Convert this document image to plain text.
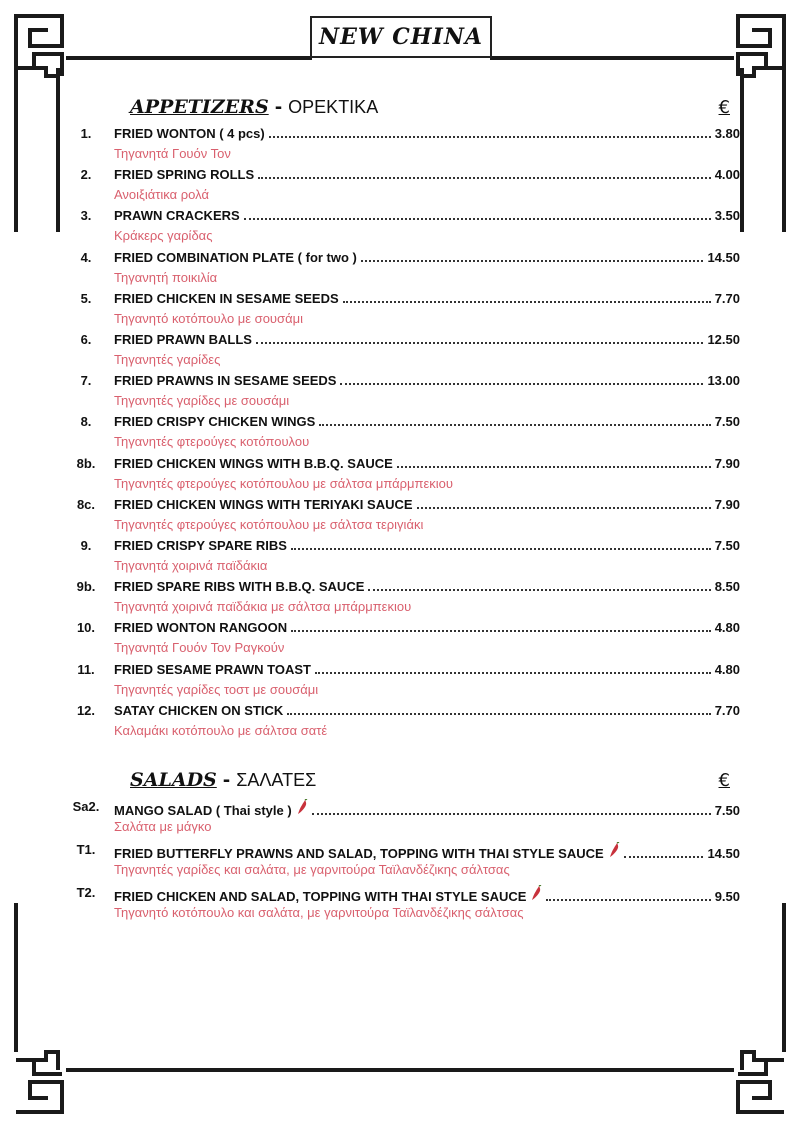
NEW CHINA
APPETIZERS - ΟΡΕΚΤΙΚΑ	€
1.	FRIED WONTON ( 4 pcs)	3.80
Τηγανητά Γουόν Τον
2.	FRIED SPRING ROLLS	4.00
Ανοιξιάτικα ρολά
3.	PRAWN CRACKERS	3.50
Κράκερς γαρίδας
4.	FRIED COMBINATION PLATE ( for two )	14.50
Τηγανητή ποικιλία
5.	FRIED CHICKEN IN SESAME SEEDS	7.70
Τηγανητό κοτόπουλο με σουσάμι
6.	FRIED PRAWN BALLS	12.50
Τηγανητές γαρίδες
7.	FRIED PRAWNS IN SESAME SEEDS	13.00
Τηγανητές γαρίδες με σουσάμι
8.	FRIED CRISPY CHICKEN WINGS	7.50
Τηγανητές φτερούγες κοτόπουλου
8b.	FRIED CHICKEN WINGS WITH B.B.Q. SAUCE	7.90
Τηγανητές φτερούγες κοτόπουλου με σάλτσα μπάρμπεκιου
8c.	FRIED CHICKEN WINGS WITH TERIYAKI SAUCE	7.90
Τηγανητές φτερούγες κοτόπουλου με σάλτσα τεριγιάκι
9.	FRIED CRISPY SPARE RIBS	7.50
Τηγανητά χοιρινά παϊδάκια
9b.	FRIED SPARE RIBS WITH B.B.Q. SAUCE	8.50
Τηγανητά χοιρινά παϊδάκια με σάλτσα μπάρμπεκιου
10.	FRIED WONTON RANGOON	4.80
Τηγανητά Γουόν Τον Ραγκούν
11.	FRIED SESAME PRAWN TOAST	4.80
Τηγανητές γαρίδες τοστ με σουσάμι
12.	SATAY CHICKEN ON STICK	7.70
Καλαμάκι κοτόπουλο με σάλτσα σατέ
SALADS - ΣΑΛΑΤΕΣ	€
Sa2.	MANGO SALAD ( Thai style )	7.50
Σαλάτα με μάγκο
T1.	FRIED BUTTERFLY PRAWNS AND SALAD, TOPPING WITH THAI STYLE SAUCE	14.50
Τηγανητές γαρίδες και σαλάτα, με γαρνιτούρα Ταϊλανδέζικης σάλτσας
T2.	FRIED CHICKEN AND SALAD, TOPPING WITH THAI STYLE SAUCE	9.50
Τηγανητό κοτόπουλο και σαλάτα, με γαρνιτούρα Ταϊλανδέζικης σάλτσας
